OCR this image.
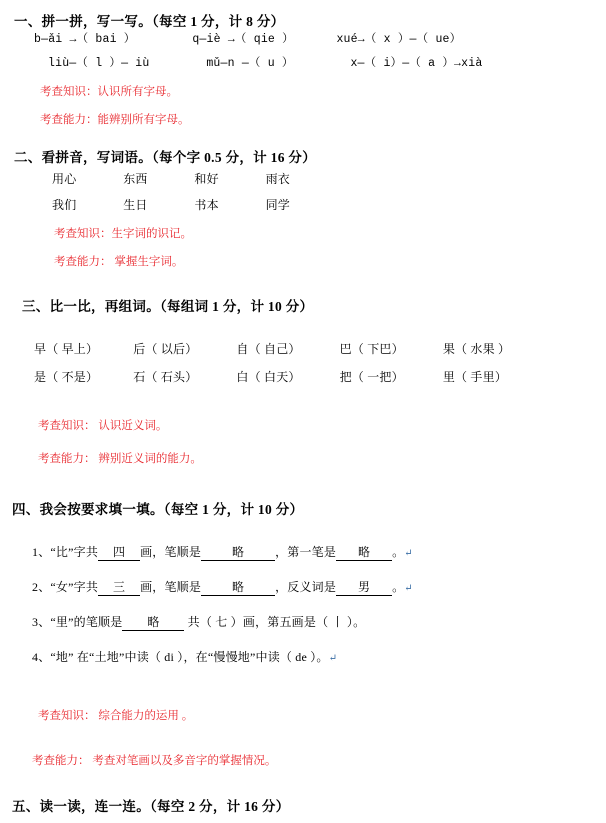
一、拼一拼，写一写。（每空 1 分，计 8 分）
b—ǎi →（ bai ）        q—iè →（ qie ）      xué→（ x ）—（ ue）
liù—（ l ）— iù        mǔ—n —（ u ）        x—（ i）—（ a ）→xià
考查知识：认识所有字母。
考查能力：能辨别所有字母。
二、看拼音，写词语。（每个字 0.5 分，计 16 分）
用心	东西	和好	雨衣
我们	生日	书本	同学
考查知识：生字词的识记。
考查能力： 掌握生字词。
三、比一比，再组词。（每组词 1 分，计 10 分）
早（ 早上）	后（ 以后）	自（ 自己）	巴（ 下巴）	果（ 水果 ）
是（ 不是）	石（ 石头）	白（ 白天）	把（ 一把）	里（ 手里）
考查知识： 认识近义词。
考查能力： 辨别近义词的能力。
四、我会按要求填一填。（每空 1 分，计 10 分）
1、“比”字共 四 画，笔顺是	略	，第一笔是 略 。↵
2、“女”字共 三 画，笔顺是	略	，反义词是 男 。↵
3、“里”的笔顺是 略 共（ 七 ）画，第五画是（ 丨 ）。
4、“地” 在“土地”中读（ di ），在“慢慢地”中读（ de ）。↵
考查知识： 综合能力的运用 。
考查能力： 考查对笔画以及多音字的掌握情况。
五、读一读，连一连。（每空 2 分，计 16 分）
